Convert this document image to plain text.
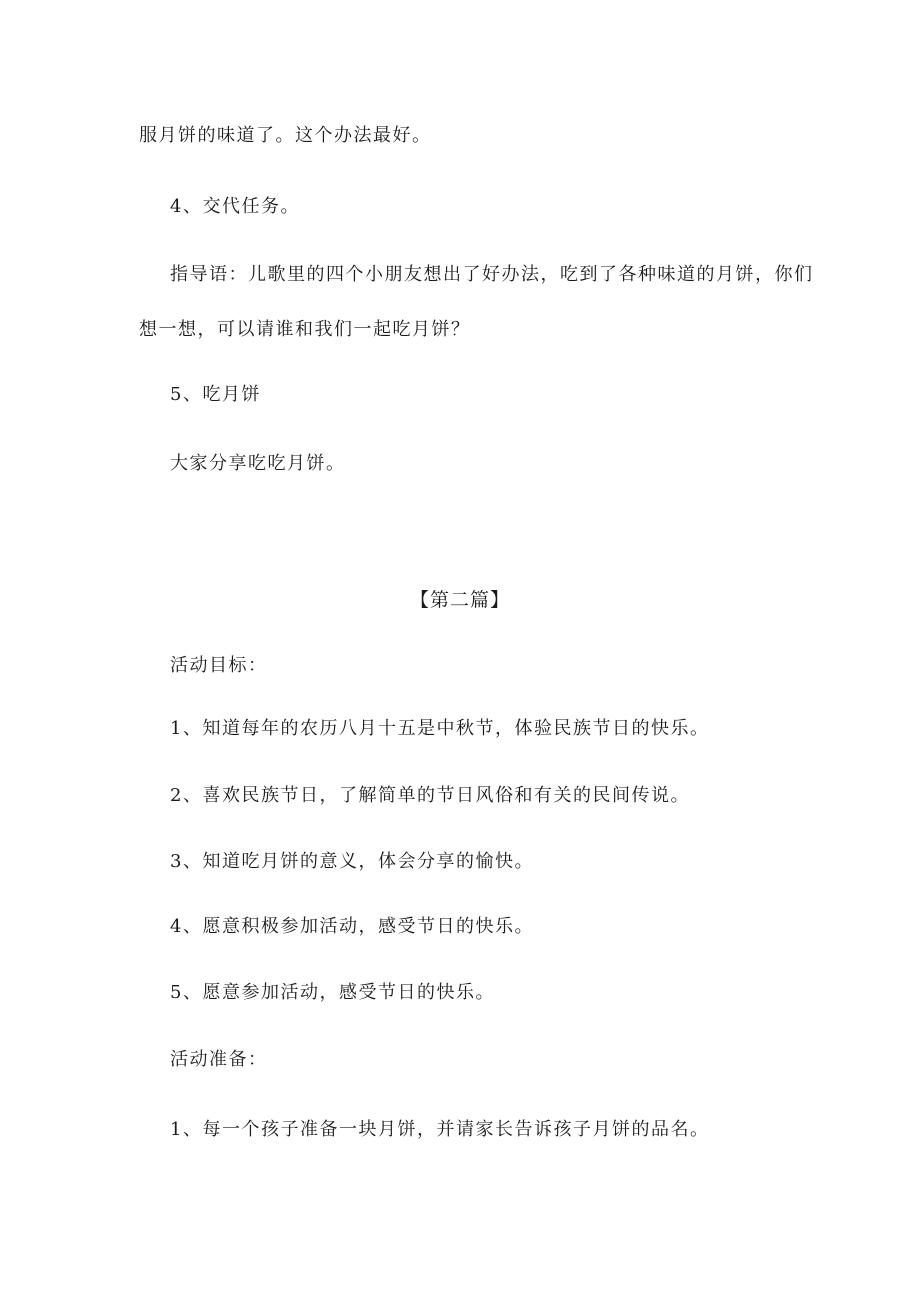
服月饼的味道了。这个办法最好。
4、交代任务。
指导语：儿歌里的四个小朋友想出了好办法，吃到了各种味道的月饼，你们
想一想，可以请谁和我们一起吃月饼？
5、吃月饼
大家分享吃吃月饼。
【第二篇】
活动目标：
1、知道每年的农历八月十五是中秋节，体验民族节日的快乐。
2、喜欢民族节日，了解简单的节日风俗和有关的民间传说。
3、知道吃月饼的意义，体会分享的愉快。
4、愿意积极参加活动，感受节日的快乐。
5、愿意参加活动，感受节日的快乐。
活动准备：
1、每一个孩子准备一块月饼，并请家长告诉孩子月饼的品名。
